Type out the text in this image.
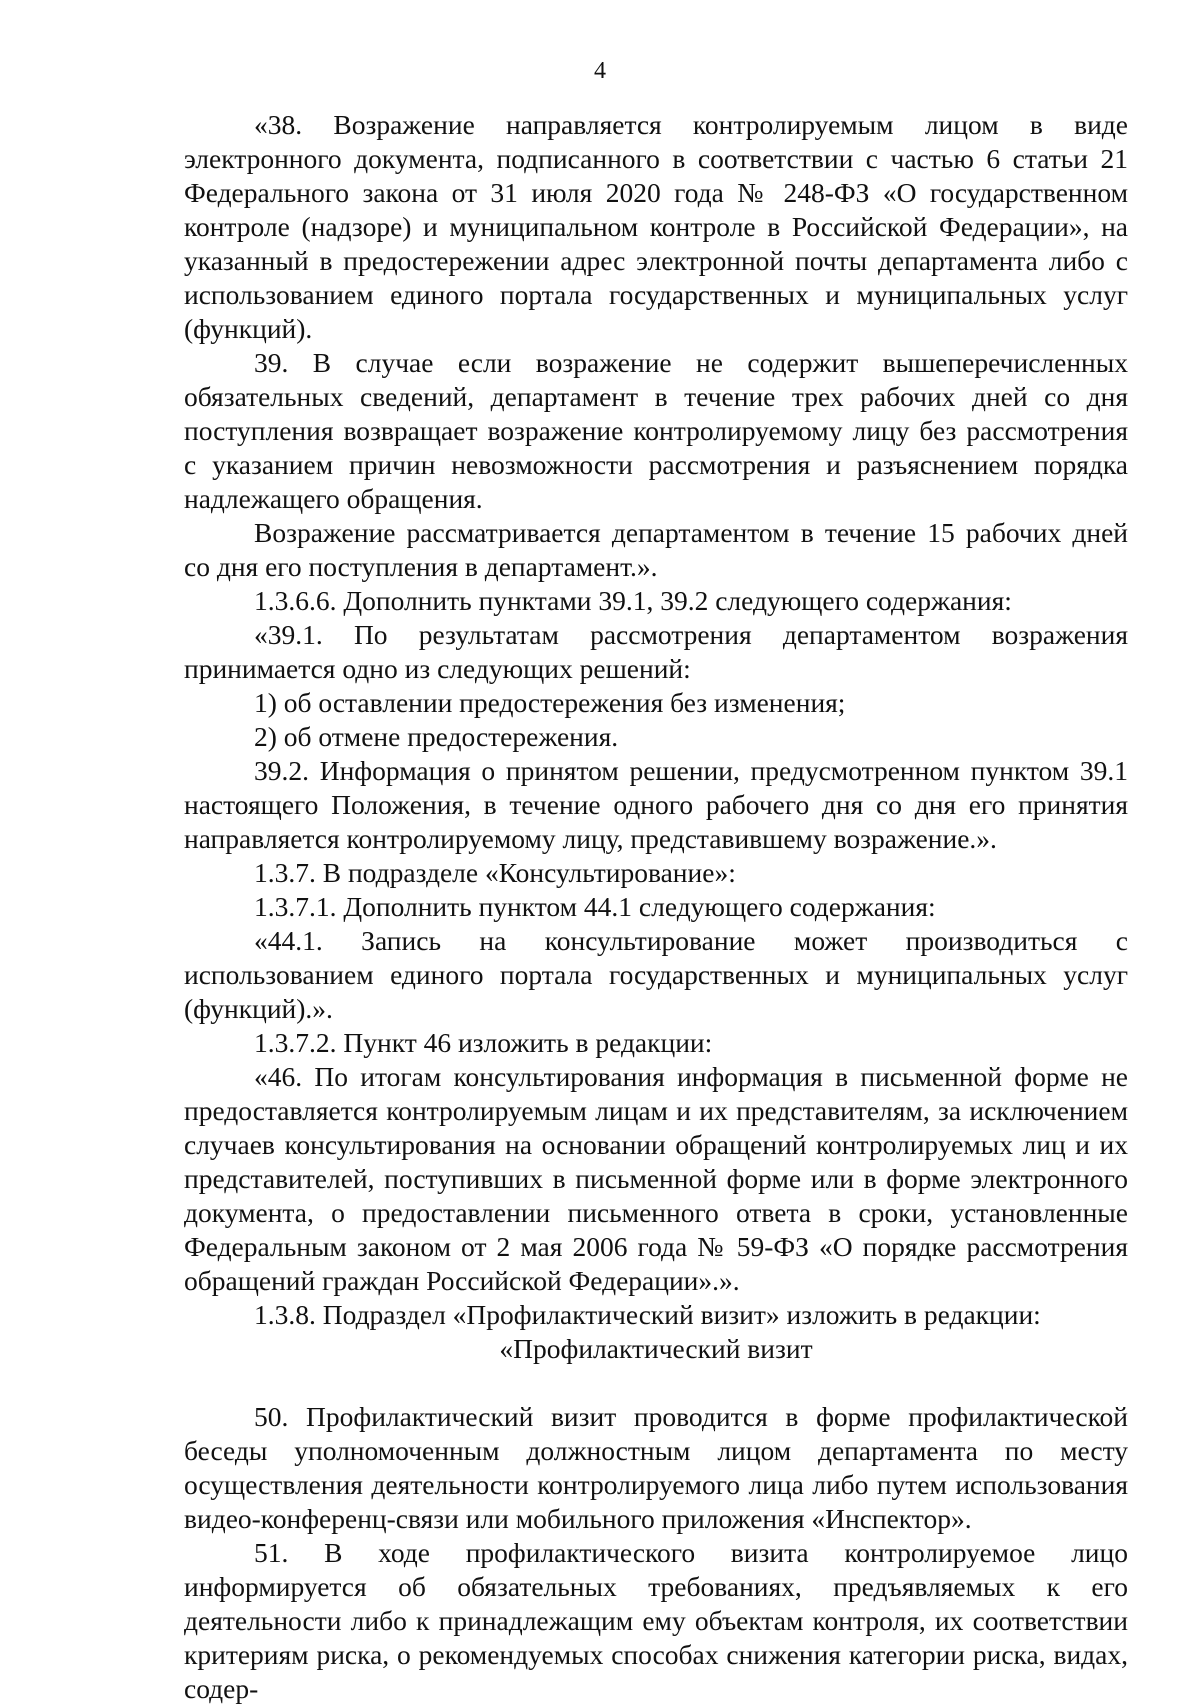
4

«38. Возражение направляется контролируемым лицом в виде электронного документа, подписанного в соответствии с частью 6 статьи 21 Федерального закона от 31 июля 2020 года № 248-ФЗ «О государственном контроле (надзоре) и муниципальном контроле в Российской Федерации», на указанный в предостережении адрес электронной почты департамента либо с использованием единого портала государственных и муниципальных услуг (функций).

39. В случае если возражение не содержит вышеперечисленных обязательных сведений, департамент в течение трех рабочих дней со дня поступления возвращает возражение контролируемому лицу без рассмотрения с указанием причин невозможности рассмотрения и разъяснением порядка надлежащего обращения.

Возражение рассматривается департаментом в течение 15 рабочих дней со дня его поступления в департамент.».

1.3.6.6. Дополнить пунктами 39.1, 39.2 следующего содержания:

«39.1. По результатам рассмотрения департаментом возражения принимается одно из следующих решений:

1) об оставлении предостережения без изменения;

2) об отмене предостережения.

39.2. Информация о принятом решении, предусмотренном пунктом 39.1 настоящего Положения, в течение одного рабочего дня со дня его принятия направляется контролируемому лицу, представившему возражение.».

1.3.7. В подразделе «Консультирование»:

1.3.7.1. Дополнить пунктом 44.1 следующего содержания:

«44.1. Запись на консультирование может производиться с использованием единого портала государственных и муниципальных услуг (функций).».

1.3.7.2. Пункт 46 изложить в редакции:

«46. По итогам консультирования информация в письменной форме не предоставляется контролируемым лицам и их представителям, за исключением случаев консультирования на основании обращений контролируемых лиц и их представителей, поступивших в письменной форме или в форме электронного документа, о предоставлении письменного ответа в сроки, установленные Федеральным законом от 2 мая 2006 года № 59-ФЗ «О порядке рассмотрения обращений граждан Российской Федерации».».

1.3.8. Подраздел «Профилактический визит» изложить в редакции:

«Профилактический визит

50. Профилактический визит проводится в форме профилактической беседы уполномоченным должностным лицом департамента по месту осуществления деятельности контролируемого лица либо путем использования видео-конференц-связи или мобильного приложения «Инспектор».

51. В ходе профилактического визита контролируемое лицо информируется об обязательных требованиях, предъявляемых к его деятельности либо к принадлежащим ему объектам контроля, их соответствии критериям риска, о рекомендуемых способах снижения категории риска, видах, содер-
